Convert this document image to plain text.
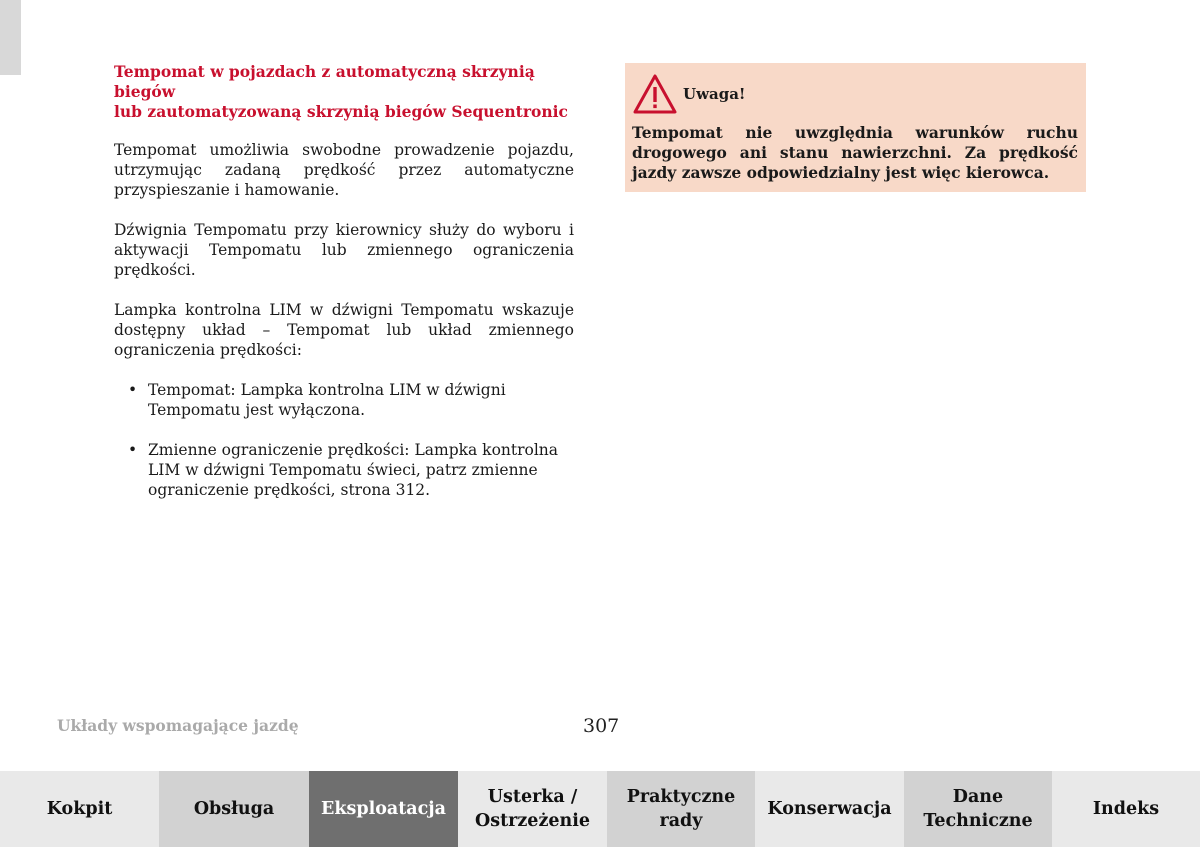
Tempomat w pojazdach z automatyczną skrzynią biegów
lub zautomatyzowaną skrzynią biegów Sequentronic

Tempomat umożliwia swobodne prowadzenie pojazdu, utrzymując zadaną prędkość przez automatyczne przyspieszanie i hamowanie.

Dźwignia Tempomatu przy kierownicy służy do wyboru i aktywacji Tempomatu lub zmiennego ograniczenia prędkości.

Lampka kontrolna LIM w dźwigni Tempomatu wskazuje dostępny układ – Tempomat lub układ zmiennego ograniczenia prędkości:

• Tempomat: Lampka kontrolna LIM w dźwigni Tempomatu jest wyłączona.
• Zmienne ograniczenie prędkości: Lampka kontrolna LIM w dźwigni Tempomatu świeci, patrz zmienne ograniczenie prędkości, strona 312.
Uwaga!
Tempomat nie uwzględnia warunków ruchu drogowego ani stanu nawierzchni. Za prędkość jazdy zawsze odpowiedzialny jest więc kierowca.
Układy wspomagające jazdę	307
Kokpit	Obsługa	Eksploatacja
Usterka /
Ostrzeżenie
Praktyczne
rady
Konserwacja
Dane
Techniczne
Indeks
